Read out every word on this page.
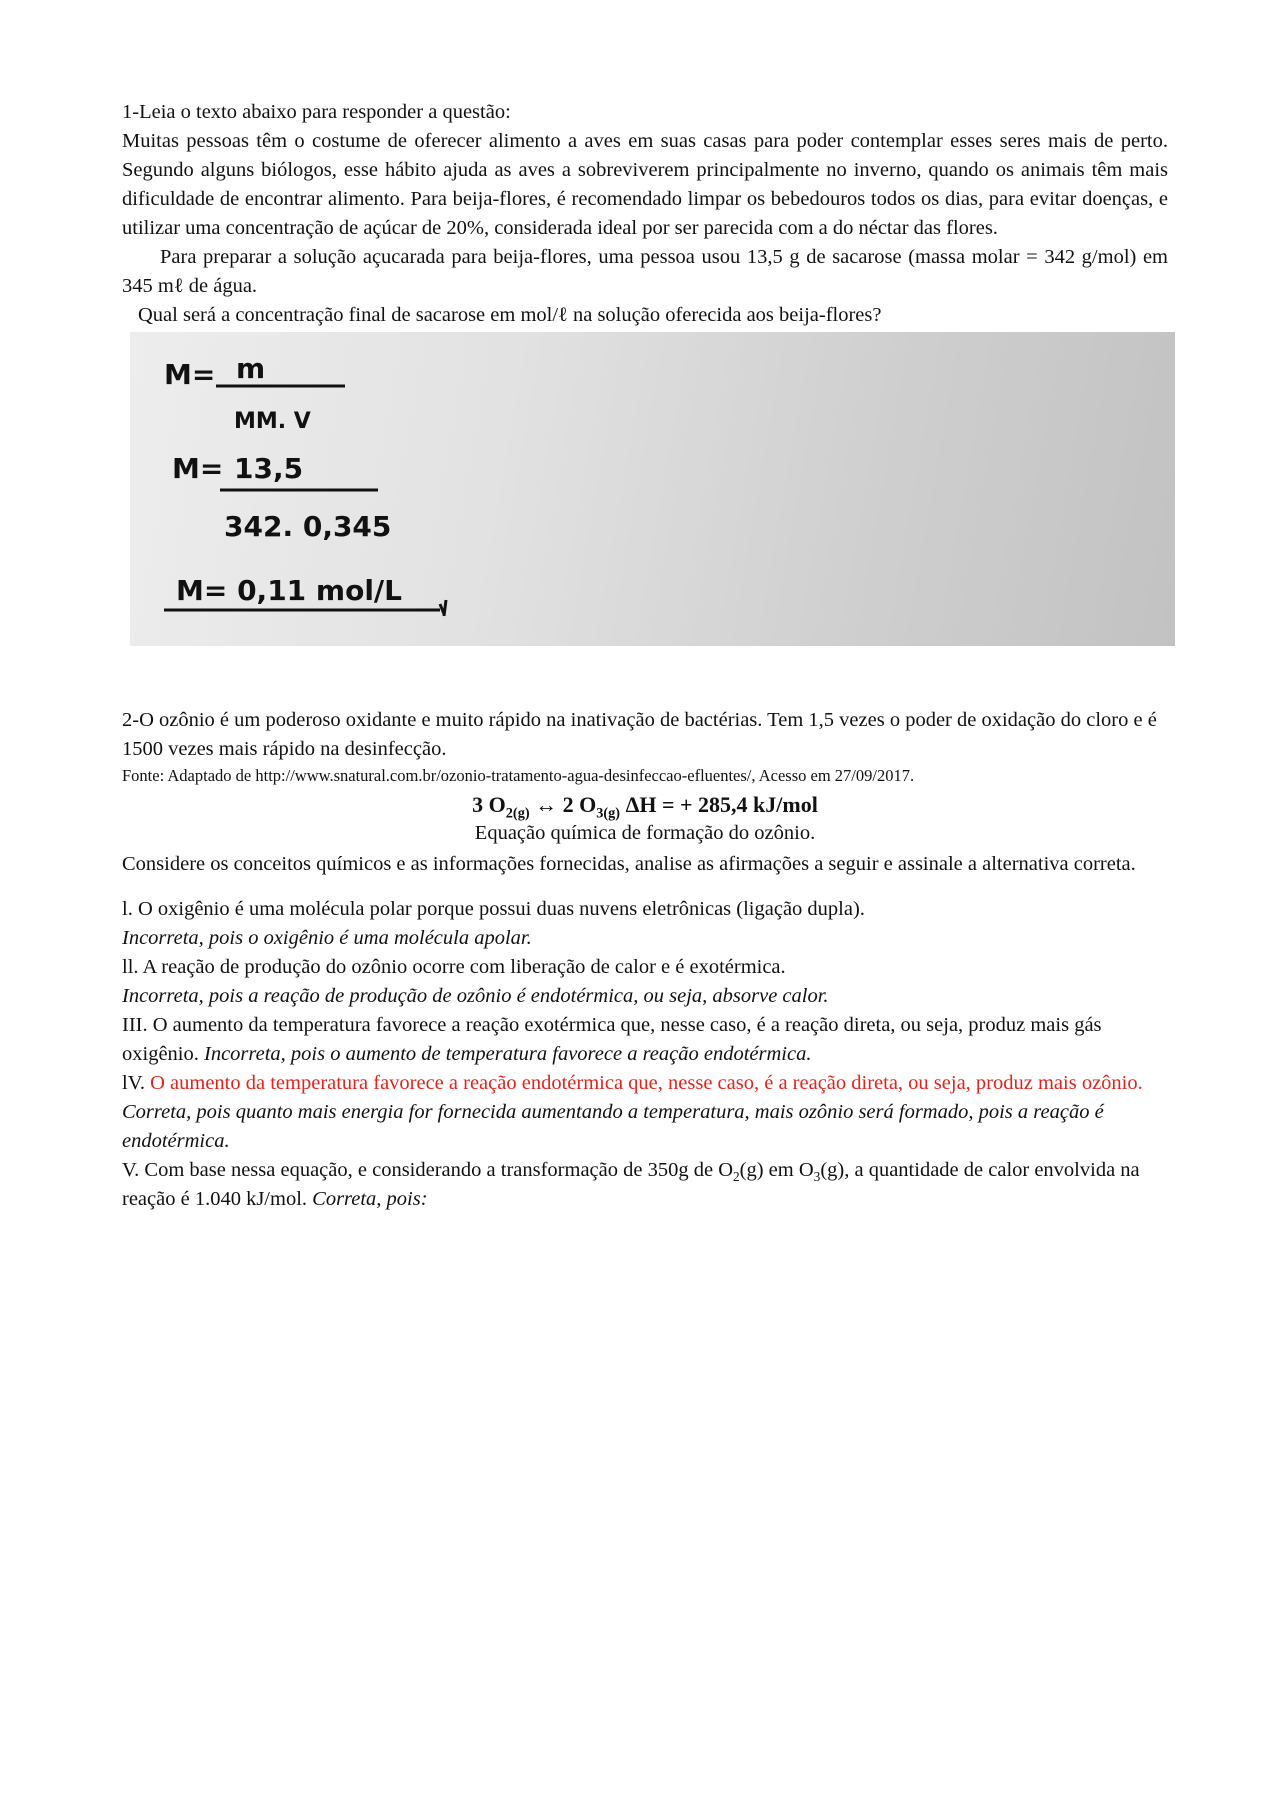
1-Leia o texto abaixo para responder a questão:

Muitas pessoas têm o costume de oferecer alimento a aves em suas casas para poder contemplar esses seres mais de perto. Segundo alguns biólogos, esse hábito ajuda as aves a sobreviverem principalmente no inverno, quando os animais têm mais dificuldade de encontrar alimento. Para beija-flores, é recomendado limpar os bebedouros todos os dias, para evitar doenças, e utilizar uma concentração de açúcar de 20%, considerada ideal por ser parecida com a do néctar das flores.

Para preparar a solução açucarada para beija-flores, uma pessoa usou 13,5 g de sacarose (massa molar = 342 g/mol) em 345 mℓ de água.

Qual será a concentração final de sacarose em mol/ℓ na solução oferecida aos beija-flores?

M= m
MM. V
M= 13,5
342. 0,345
M= 0,11 mol/L

2-O ozônio é um poderoso oxidante e muito rápido na inativação de bactérias. Tem 1,5 vezes o poder de oxidação do cloro e é 1500 vezes mais rápido na desinfecção.

Fonte: Adaptado de http://www.snatural.com.br/ozonio-tratamento-agua-desinfeccao-efluentes/, Acesso em 27/09/2017.

3 $O_{2(g)}$ ↔ 2 $O_{3(g)}$ ΔH = + 285,4 kJ/mol

Equação química de formação do ozônio.

Considere os conceitos químicos e as informações fornecidas, analise as afirmações a seguir e assinale a alternativa correta.

l. O oxigênio é uma molécula polar porque possui duas nuvens eletrônicas (ligação dupla).

Incorreta, pois o oxigênio é uma molécula apolar.

ll. A reação de produção do ozônio ocorre com liberação de calor e é exotérmica.

Incorreta, pois a reação de produção de ozônio é endotérmica, ou seja, absorve calor.

III. O aumento da temperatura favorece a reação exotérmica que, nesse caso, é a reação direta, ou seja, produz mais gás oxigênio. Incorreta, pois o aumento de temperatura favorece a reação endotérmica.

lV. O aumento da temperatura favorece a reação endotérmica que, nesse caso, é a reação direta, ou seja, produz mais ozônio. Correta, pois quanto mais energia for fornecida aumentando a temperatura, mais ozônio será formado, pois a reação é endotérmica.

V. Com base nessa equação, e considerando a transformação de 350g de $O_2(g)$ em $O_3(g)$, a quantidade de calor envolvida na reação é 1.040 kJ/mol. Correta, pois:
